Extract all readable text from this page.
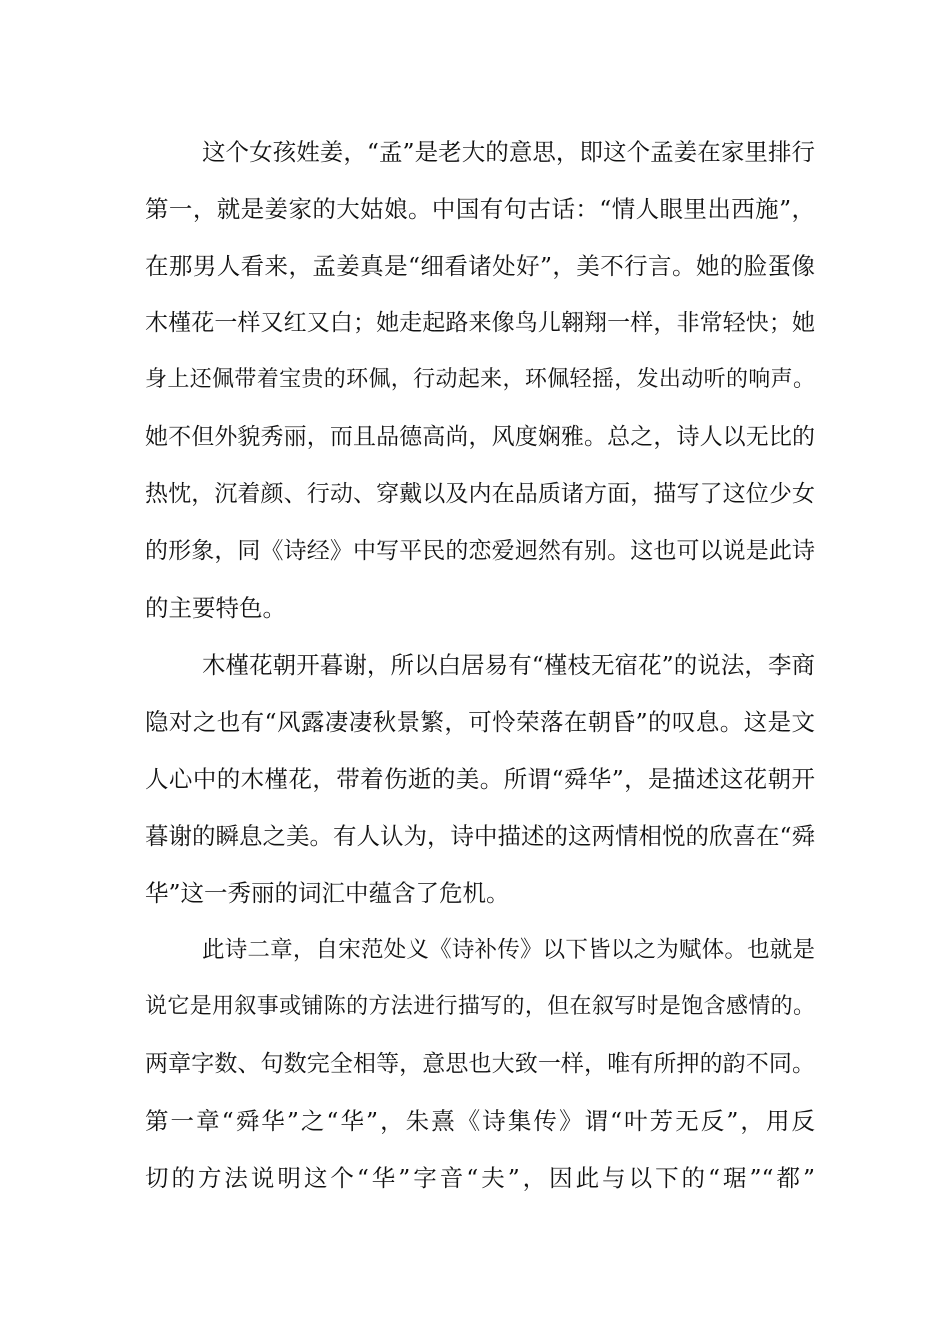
这个女孩姓姜，“孟”是老大的意思，即这个孟姜在家里排行
第一，就是姜家的大姑娘。中国有句古话：“情人眼里出西施”，
在那男人看来，孟姜真是“细看诸处好”，美不行言。她的脸蛋像
木槿花一样又红又白；她走起路来像鸟儿翱翔一样，非常轻快；她
身上还佩带着宝贵的环佩，行动起来，环佩轻摇，发出动听的响声。
她不但外貌秀丽，而且品德高尚，风度娴雅。总之，诗人以无比的
热忱，沉着颜、行动、穿戴以及内在品质诸方面，描写了这位少女
的形象，同《诗经》中写平民的恋爱迥然有别。这也可以说是此诗
的主要特色。
木槿花朝开暮谢，所以白居易有“槿枝无宿花”的说法，李商
隐对之也有“风露凄凄秋景繁，可怜荣落在朝昏”的叹息。这是文
人心中的木槿花，带着伤逝的美。所谓“舜华”，是描述这花朝开
暮谢的瞬息之美。有人认为，诗中描述的这两情相悦的欣喜在“舜
华”这一秀丽的词汇中蕴含了危机。
此诗二章，自宋范处义《诗补传》以下皆以之为赋体。也就是
说它是用叙事或铺陈的方法进行描写的，但在叙写时是饱含感情的。
两章字数、句数完全相等，意思也大致一样，唯有所押的韵不同。
第一章“舜华”之“华”，朱熹《诗集传》谓“叶芳无反”，用反
切的方法说明这个“华”字音“夫”，因此与以下的“琚”“都”
